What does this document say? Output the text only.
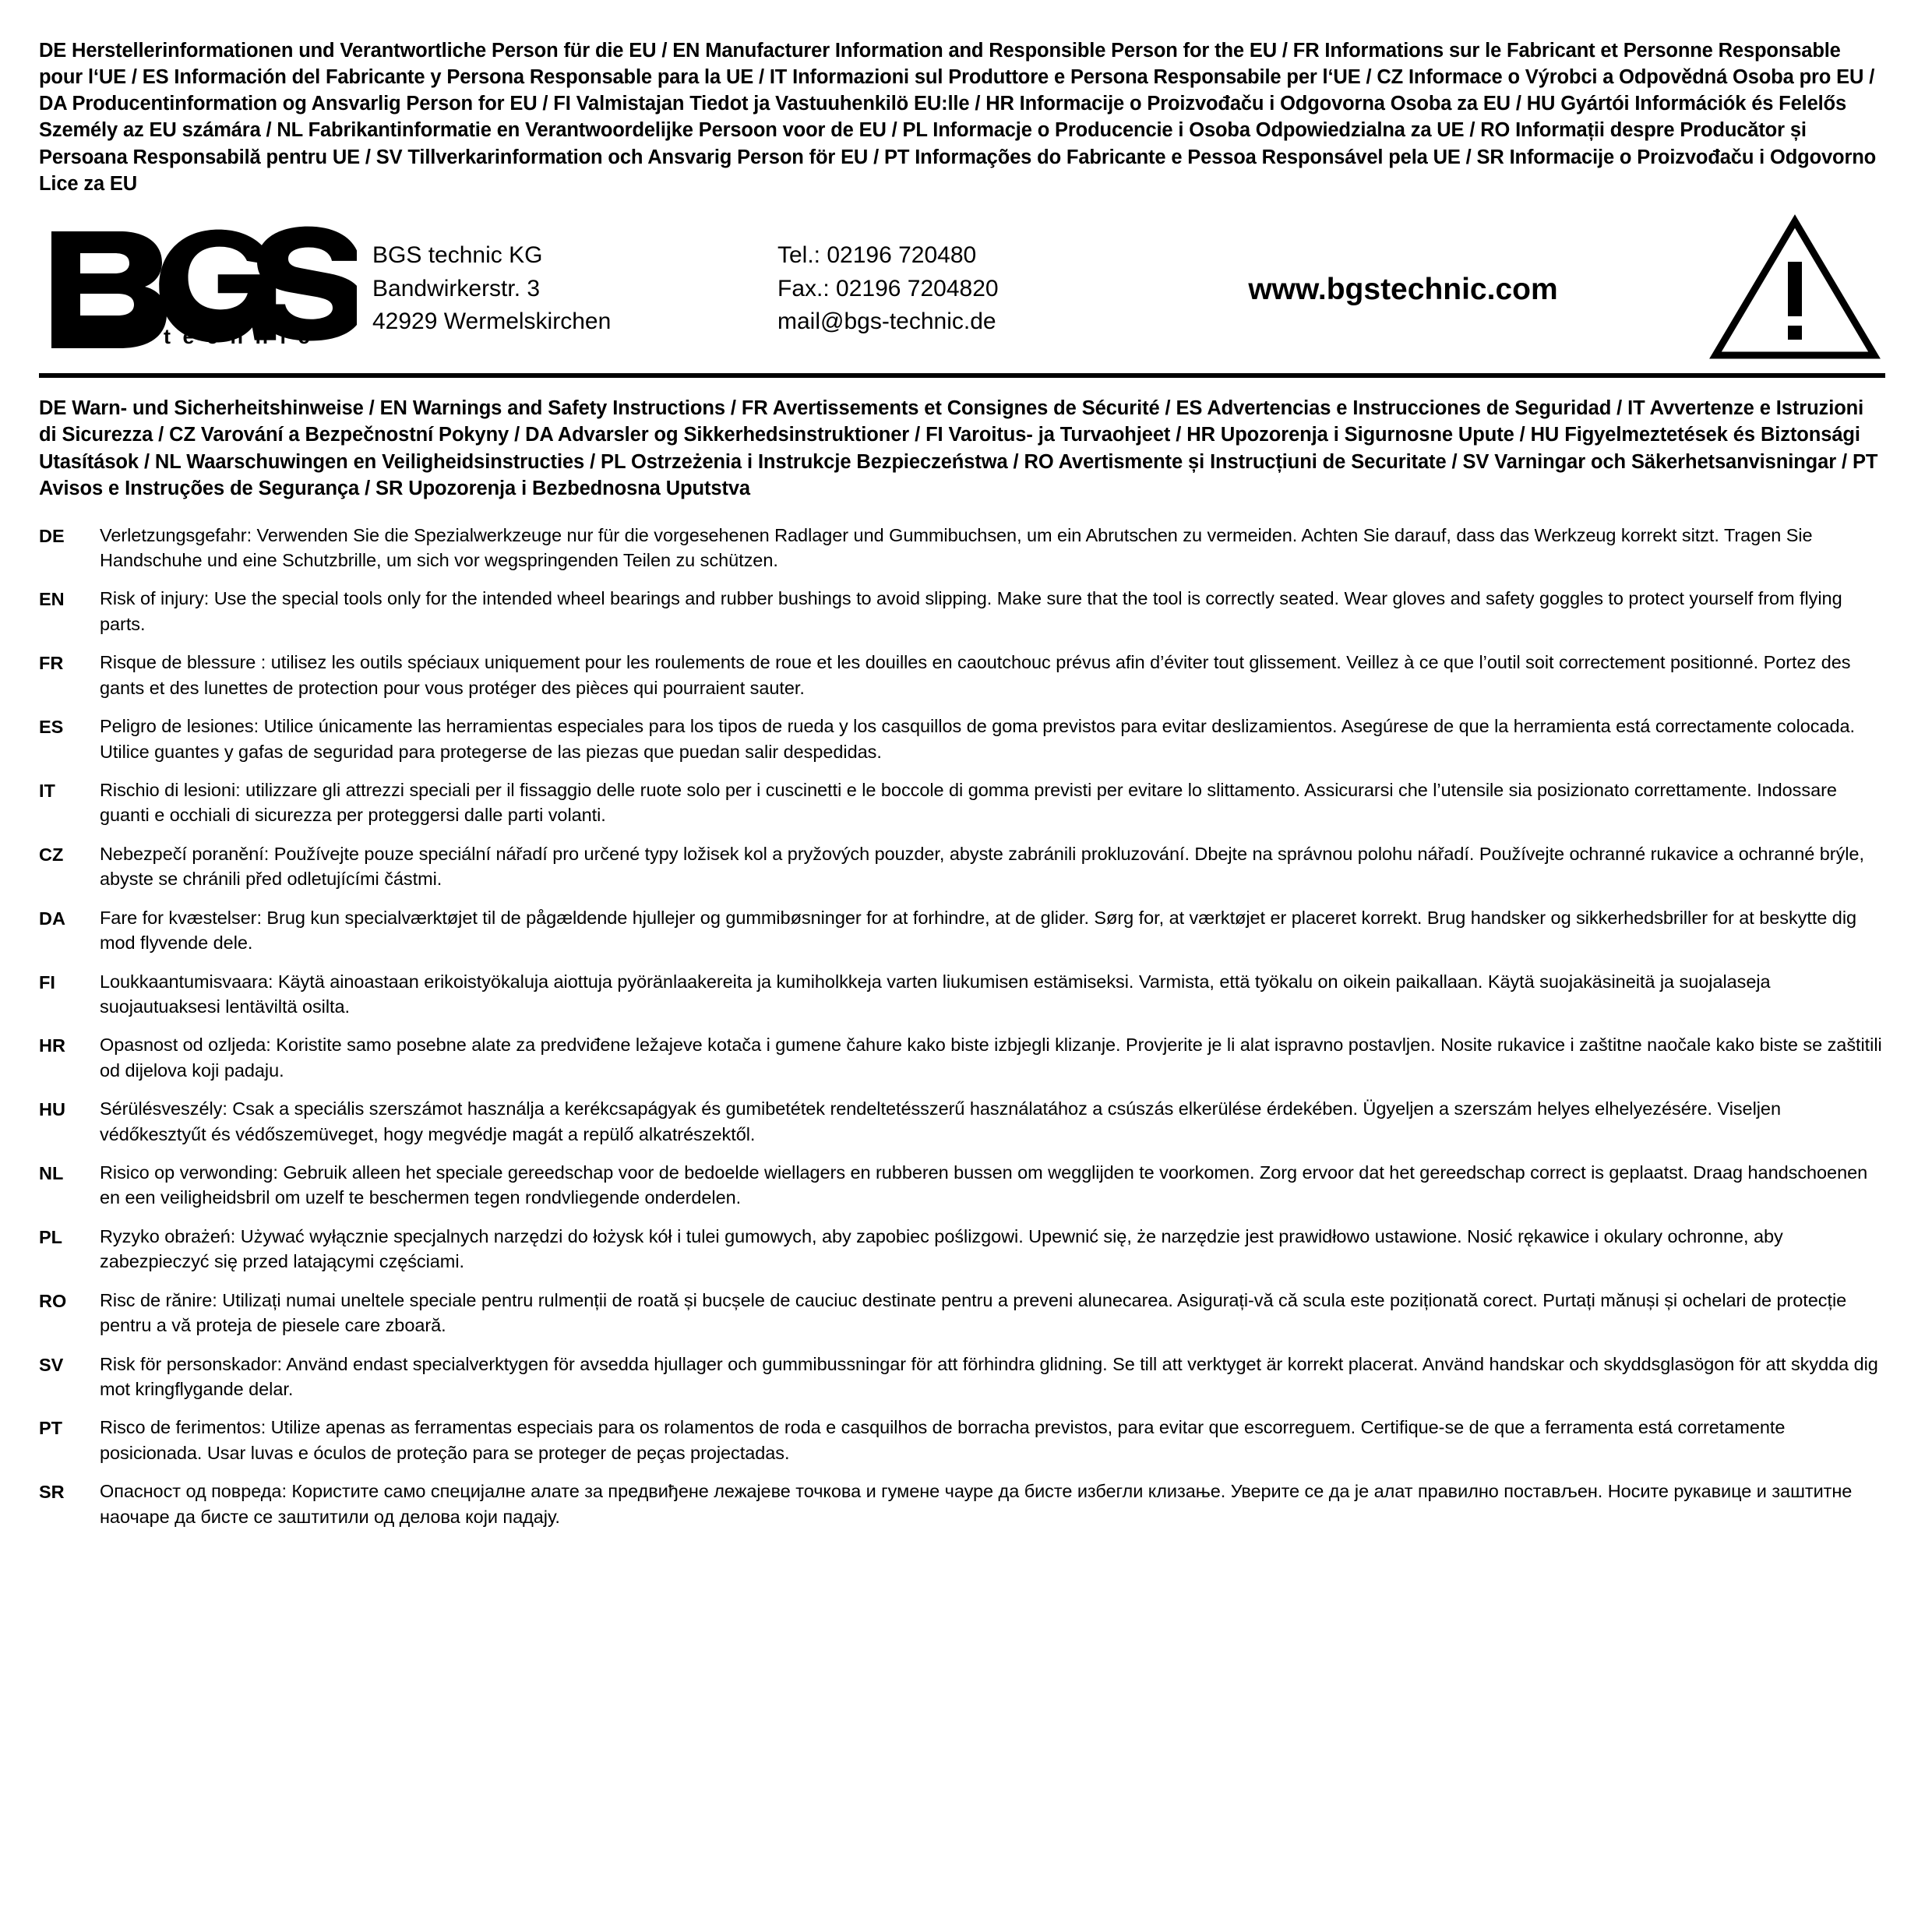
DE Herstellerinformationen und Verantwortliche Person für die EU / EN Manufacturer Information and Responsible Person for the EU / FR Informations sur le Fabricant et Personne Responsable pour l‘UE / ES Información del Fabricante y Persona Responsable para la UE / IT Informazioni sul Produttore e Persona Responsabile per l‘UE / CZ Informace o Výrobci a Odpovědná Osoba pro EU / DA Producentinformation og Ansvarlig Person for EU / FI Valmistajan Tiedot ja Vastuuhenkilö EU:lle / HR Informacije o Proizvođaču i Odgovorna Osoba za EU / HU Gyártói Információk és Felelős Személy az EU számára / NL Fabrikantinformatie en Verantwoordelijke Persoon voor de EU / PL Informacje o Producencie i Osoba Odpowiedzialna za UE / RO Informații despre Producător și Persoana Responsabilă pentru UE / SV Tillverkarinformation och Ansvarig Person för EU / PT Informações do Fabricante e Pessoa Responsável pela UE / SR Informacije o Proizvođaču i Odgovorno Lice za EU
®
t e c h n i c
BGS technic KG
Bandwirkerstr. 3
42929 Wermelskirchen
Tel.: 02196 720480
Fax.: 02196 7204820
mail@bgs-technic.de
www.bgstechnic.com
DE Warn- und Sicherheitshinweise / EN Warnings and Safety Instructions / FR Avertissements et Consignes de Sécurité / ES Advertencias e Instrucciones de Seguridad / IT Avvertenze e Istruzioni di Sicurezza / CZ Varování a Bezpečnostní Pokyny / DA Advarsler og Sikkerhedsinstruktioner / FI Varoitus- ja Turvaohjeet / HR Upozorenja i Sigurnosne Upute / HU Figyelmeztetések és Biztonsági Utasítások / NL Waarschuwingen en Veiligheidsinstructies / PL Ostrzeżenia i Instrukcje Bezpieczeństwa / RO Avertismente și Instrucțiuni de Securitate / SV Varningar och Säkerhetsanvisningar / PT Avisos e Instruções de Segurança / SR Upozorenja i Bezbednosna Uputstva
DE	Verletzungsgefahr: Verwenden Sie die Spezialwerkzeuge nur für die vorgesehenen Radlager und Gummibuchsen, um ein Abrutschen zu vermeiden. Achten Sie darauf, dass das Werkzeug korrekt sitzt. Tragen Sie Handschuhe und eine Schutzbrille, um sich vor wegspringenden Teilen zu schützen.
EN	Risk of injury: Use the special tools only for the intended wheel bearings and rubber bushings to avoid slipping. Make sure that the tool is correctly seated. Wear gloves and safety goggles to protect yourself from flying parts.
FR	Risque de blessure : utilisez les outils spéciaux uniquement pour les roulements de roue et les douilles en caoutchouc prévus afin d’éviter tout glissement. Veillez à ce que l’outil soit correctement positionné. Portez des gants et des lunettes de protection pour vous protéger des pièces qui pourraient sauter.
ES	Peligro de lesiones: Utilice únicamente las herramientas especiales para los tipos de rueda y los casquillos de goma previstos para evitar deslizamientos. Asegúrese de que la herramienta está correctamente colocada. Utilice guantes y gafas de seguridad para protegerse de las piezas que puedan salir despedidas.
IT	Rischio di lesioni: utilizzare gli attrezzi speciali per il fissaggio delle ruote solo per i cuscinetti e le boccole di gomma previsti per evitare lo slittamento. Assicurarsi che l’utensile sia posizionato correttamente. Indossare guanti e occhiali di sicurezza per proteggersi dalle parti volanti.
CZ	Nebezpečí poranění: Používejte pouze speciální nářadí pro určené typy ložisek kol a pryžových pouzder, abyste zabránili prokluzování. Dbejte na správnou polohu nářadí. Používejte ochranné rukavice a ochranné brýle, abyste se chránili před odletujícími částmi.
DA	Fare for kvæstelser: Brug kun specialværktøjet til de pågældende hjullejer og gummibøsninger for at forhindre, at de glider. Sørg for, at værktøjet er placeret korrekt. Brug handsker og sikkerhedsbriller for at beskytte dig mod flyvende dele.
FI	Loukkaantumisvaara: Käytä ainoastaan erikoistyökaluja aiottuja pyöränlaakereita ja kumiholkkeja varten liukumisen estämiseksi. Varmista, että työkalu on oikein paikallaan. Käytä suojakäsineitä ja suojalaseja suojautuaksesi lentäviltä osilta.
HR	Opasnost od ozljeda: Koristite samo posebne alate za predviđene ležajeve kotača i gumene čahure kako biste izbjegli klizanje. Provjerite je li alat ispravno postavljen. Nosite rukavice i zaštitne naočale kako biste se zaštitili od dijelova koji padaju.
HU	Sérülésveszély: Csak a speciális szerszámot használja a kerékcsapágyak és gumibetétek rendeltetésszerű használatához a csúszás elkerülése érdekében. Ügyeljen a szerszám helyes elhelyezésére. Viseljen védőkesztyűt és védőszemüveget, hogy megvédje magát a repülő alkatrészektől.
NL	Risico op verwonding: Gebruik alleen het speciale gereedschap voor de bedoelde wiellagers en rubberen bussen om wegglijden te voorkomen. Zorg ervoor dat het gereedschap correct is geplaatst. Draag handschoenen en een veiligheidsbril om uzelf te beschermen tegen rondvliegende onderdelen.
PL	Ryzyko obrażeń: Używać wyłącznie specjalnych narzędzi do łożysk kół i tulei gumowych, aby zapobiec poślizgowi. Upewnić się, że narzędzie jest prawidłowo ustawione. Nosić rękawice i okulary ochronne, aby zabezpieczyć się przed latającymi częściami.
RO	Risc de rănire: Utilizați numai uneltele speciale pentru rulmenții de roată și bucșele de cauciuc destinate pentru a preveni alunecarea. Asigurați-vă că scula este poziționată corect. Purtați mănuși și ochelari de protecție pentru a vă proteja de piesele care zboară.
SV	Risk för personskador: Använd endast specialverktygen för avsedda hjullager och gummibussningar för att förhindra glidning. Se till att verktyget är korrekt placerat. Använd handskar och skyddsglasögon för att skydda dig mot kringflygande delar.
PT	Risco de ferimentos: Utilize apenas as ferramentas especiais para os rolamentos de roda e casquilhos de borracha previstos, para evitar que escorreguem. Certifique-se de que a ferramenta está corretamente posicionada. Usar luvas e óculos de proteção para se proteger de peças projectadas.
SR	Опасност од повреда: Користите само специјалне алате за предвиђене лежајеве точкова и гумене чауре да бисте избегли клизање. Уверите се да је алат правилно постављен. Носите рукавице и заштитне наочаре да бисте се заштитили од делова који падају.
